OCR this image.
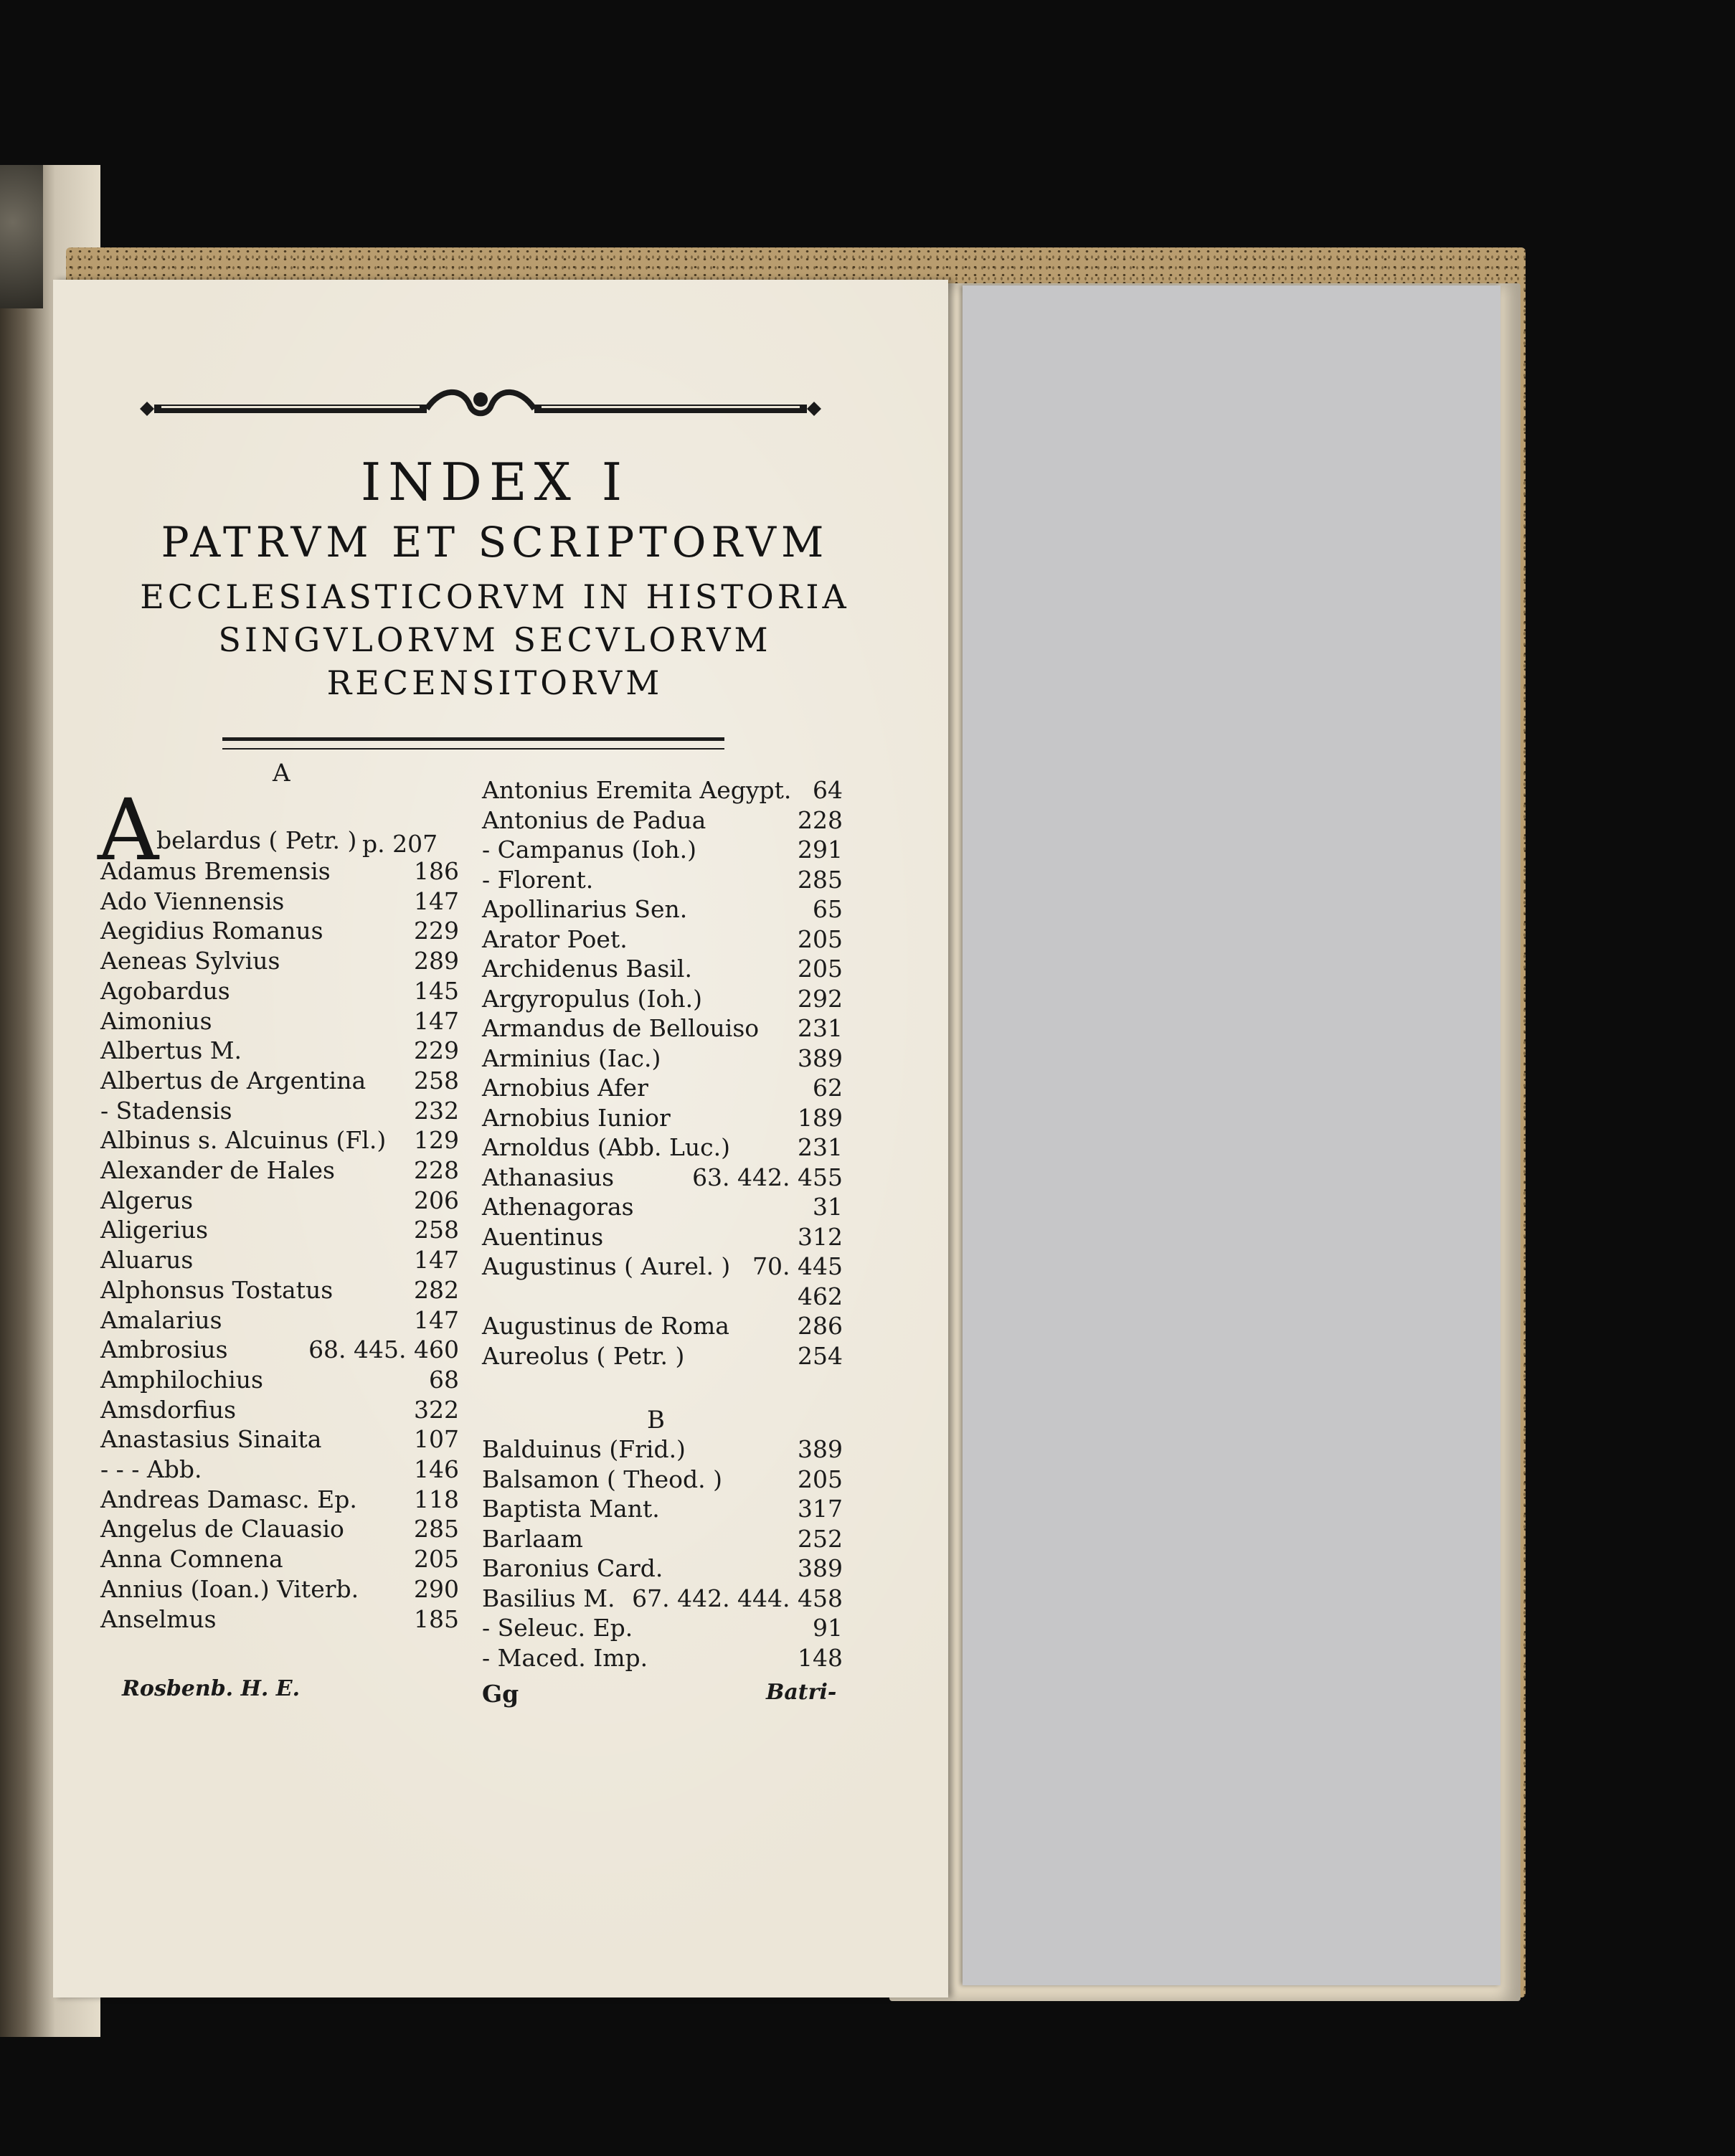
INDEX I
PATRVM ET SCRIPTORVM
ECCLESIASTICORVM IN HISTORIA
SINGVLORVM SECVLORVM
RECENSITORVM
A
A
belardus ( Petr. ) p. 207
Adamus Bremensis	186
Ado Viennensis	147
Aegidius Romanus	229
Aeneas Sylvius	289
Agobardus	145
Aimonius	147
Albertus M.	229
Albertus de Argentina 258
- Stadensis	232
Albinus s. Alcuinus (Fl.) 129
Alexander de Hales	228
Algerus	206
Aligerius	258
Aluarus	147
Alphonsus Tostatus	282
Amalarius	147
Ambrosius	68. 445. 460
Amphilochius	68
Amsdorfius	322
Anastasius Sinaita	107
- - - Abb.	146
Andreas Damasc. Ep. 118
Angelus de Clauasio	285
Anna Comnena	205
Annius (Ioan.) Viterb. 290
Anselmus	185
Rosbenb. H. E.
Antonius Eremita Aegypt. 64
Antonius de Padua	228
- Campanus (Ioh.)	291
- Florent.	285
Apollinarius Sen.	65
Arator Poet.	205
Archidenus Basil.	205
Argyropulus (Ioh.)	292
Armandus de Bellouiso 231
Arminius (Iac.)	389
Arnobius Afer	62
Arnobius Iunior	189
Arnoldus (Abb. Luc.)	231
Athanasius	63. 442. 455
Athenagoras	31
Auentinus	312
Augustinus ( Aurel. ) 70. 445
462
Augustinus de Roma	286
Aureolus ( Petr. )	254
B
Balduinus (Frid.)	389
Balsamon ( Theod. )	205
Baptista Mant.	317
Barlaam	252
Baronius Card.	389
Basilius M. 67. 442. 444. 458
- Seleuc. Ep.	91
- Maced. Imp.	148
Gg	Batri-
